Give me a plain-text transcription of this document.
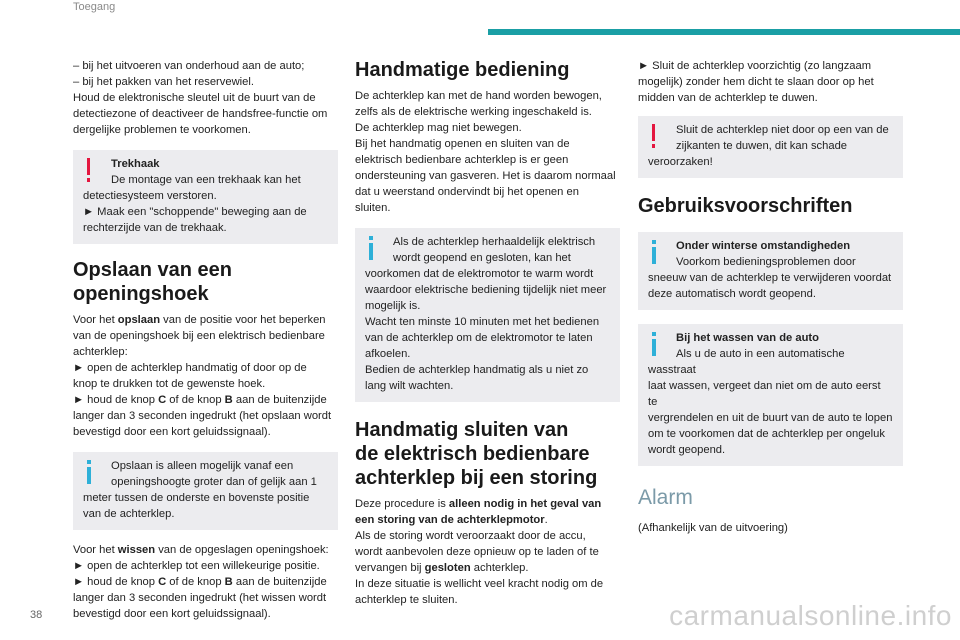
Toegang

– bij het uitvoeren van onderhoud aan de auto;
– bij het pakken van het reservewiel.
Houd de elektronische sleutel uit de buurt van de
detectiezone of deactiveer de handsfree-functie om
dergelijke problemen te voorkomen.

Trekhaak
De montage van een trekhaak kan het
detectiesysteem verstoren.
► Maak een "schoppende" beweging aan de
rechterzijde van de trekhaak.
Opslaan van een
openingshoek

Voor het opslaan van de positie voor het beperken
van de openingshoek bij een elektrisch bedienbare
achterklep:
► open de achterklep handmatig of door op de
knop te drukken tot de gewenste hoek.
► houd de knop C of de knop B aan de buitenzijde
langer dan 3 seconden ingedrukt (het opslaan wordt
bevestigd door een kort geluidssignaal).

Opslaan is alleen mogelijk vanaf een
openingshoogte groter dan of gelijk aan 1
meter tussen de onderste en bovenste positie
van de achterklep.

Voor het wissen van de opgeslagen openingshoek:
► open de achterklep tot een willekeurige positie.
► houd de knop C of de knop B aan de buitenzijde
langer dan 3 seconden ingedrukt (het wissen wordt
bevestigd door een kort geluidssignaal).

Handmatige bediening

De achterklep kan met de hand worden bewogen,
zelfs als de elektrische werking ingeschakeld is.
De achterklep mag niet bewegen.
Bij het handmatig openen en sluiten van de
elektrisch bedienbare achterklep is er geen
ondersteuning van gasveren. Het is daarom normaal
dat u weerstand ondervindt bij het openen en
sluiten.

Als de achterklep herhaaldelijk elektrisch
wordt geopend en gesloten, kan het
voorkomen dat de elektromotor te warm wordt
waardoor elektrische bediening tijdelijk niet meer
mogelijk is.
Wacht ten minste 10 minuten met het bedienen
van de achterklep om de elektromotor te laten
afkoelen.
Bedien de achterklep handmatig als u niet zo
lang wilt wachten.
Handmatig sluiten van
de elektrisch bedienbare
achterklep bij een storing

Deze procedure is alleen nodig in het geval van
een storing van de achterklepmotor.
Als de storing wordt veroorzaakt door de accu,
wordt aanbevolen deze opnieuw op te laden of te
vervangen bij gesloten achterklep.
In deze situatie is wellicht veel kracht nodig om de
achterklep te sluiten.

► Sluit de achterklep voorzichtig (zo langzaam
mogelijk) zonder hem dicht te slaan door op het
midden van de achterklep te duwen.

Sluit de achterklep niet door op een van de
zijkanten te duwen, dit kan schade
veroorzaken!
Gebruiksvoorschriften
Onder winterse omstandigheden
Voorkom bedieningsproblemen door
sneeuw van de achterklep te verwijderen voordat
deze automatisch wordt geopend.
Bij het wassen van de auto
Als u de auto in een automatische wasstraat
laat wassen, vergeet dan niet om de auto eerst te
vergrendelen en uit de buurt van de auto te lopen
om te voorkomen dat de achterklep per ongeluk
wordt geopend.
Alarm

(Afhankelijk van de uitvoering)

38	carmanualsonline.info
